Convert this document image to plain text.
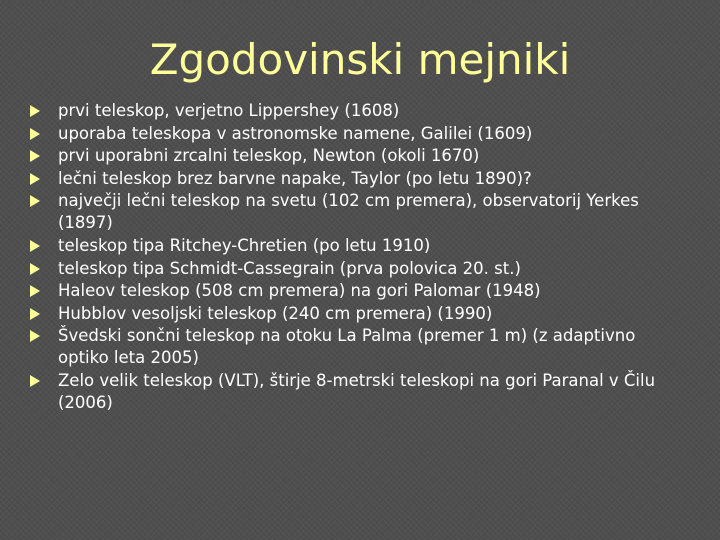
Zgodovinski mejniki
prvi teleskop, verjetno Lippershey (1608)
uporaba teleskopa v astronomske namene, Galilei (1609)
prvi uporabni zrcalni teleskop, Newton (okoli 1670)
lečni teleskop brez barvne napake, Taylor (po letu 1890)?
največji lečni teleskop na svetu (102 cm premera), observatorij Yerkes (1897)
teleskop tipa Ritchey-Chretien (po letu 1910)
teleskop tipa Schmidt-Cassegrain (prva polovica 20. st.)
Haleov teleskop (508 cm premera) na gori Palomar (1948)
Hubblov vesoljski teleskop (240 cm premera) (1990)
Švedski sončni teleskop na otoku La Palma (premer 1 m) (z adaptivno optiko leta 2005)
Zelo velik teleskop (VLT), štirje 8-metrski teleskopi na gori Paranal v Čilu (2006)
